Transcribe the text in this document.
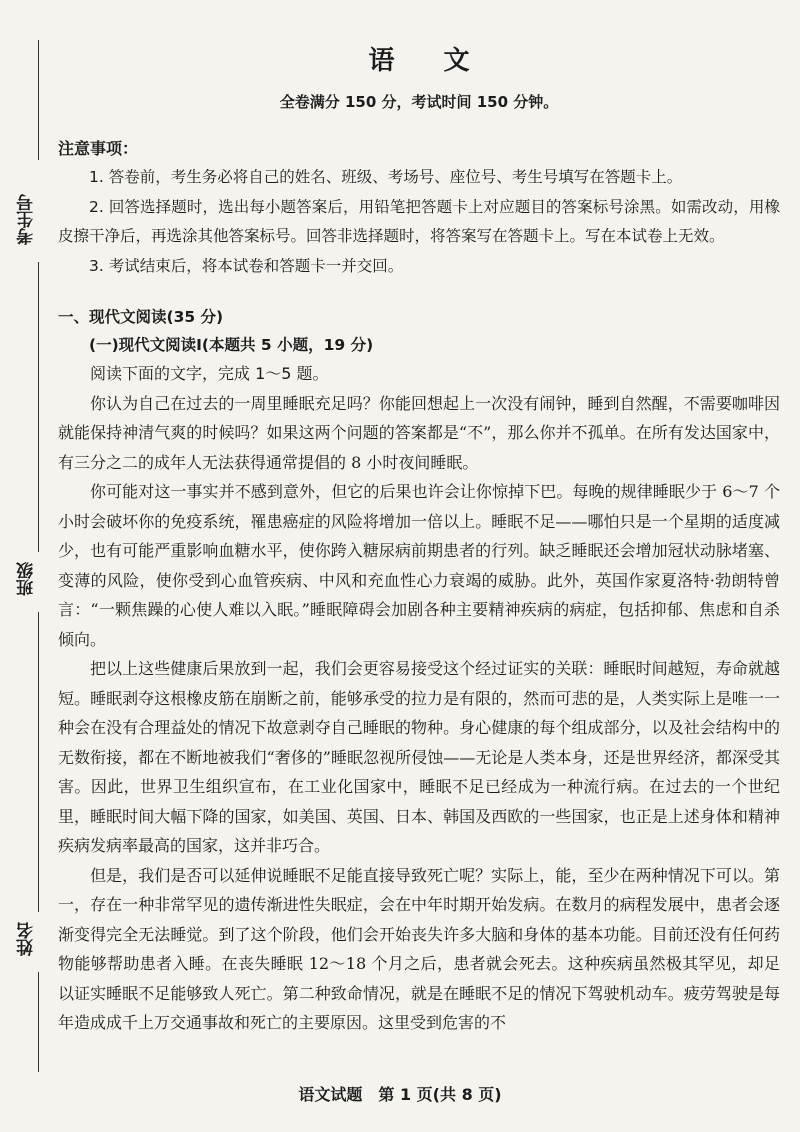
考生号
班级
姓名
语 文
全卷满分 150 分，考试时间 150 分钟。
注意事项：

1. 答卷前，考生务必将自己的姓名、班级、考场号、座位号、考生号填写在答题卡上。

2. 回答选择题时，选出每小题答案后，用铅笔把答题卡上对应题目的答案标号涂黑。如需改动，用橡皮擦干净后，再选涂其他答案标号。回答非选择题时，将答案写在答题卡上。写在本试卷上无效。

3. 考试结束后，将本试卷和答题卡一并交回。

一、现代文阅读(35 分)
(一)现代文阅读Ⅰ(本题共 5 小题，19 分)

阅读下面的文字，完成 1～5 题。

你认为自己在过去的一周里睡眠充足吗？你能回想起上一次没有闹钟，睡到自然醒，不需要咖啡因就能保持神清气爽的时候吗？如果这两个问题的答案都是“不”，那么你并不孤单。在所有发达国家中，有三分之二的成年人无法获得通常提倡的 8 小时夜间睡眠。

你可能对这一事实并不感到意外，但它的后果也许会让你惊掉下巴。每晚的规律睡眠少于 6～7 个小时会破坏你的免疫系统，罹患癌症的风险将增加一倍以上。睡眠不足——哪怕只是一个星期的适度减少，也有可能严重影响血糖水平，使你跨入糖尿病前期患者的行列。缺乏睡眠还会增加冠状动脉堵塞、变薄的风险，使你受到心血管疾病、中风和充血性心力衰竭的威胁。此外，英国作家夏洛特·勃朗特曾言：“一颗焦躁的心使人难以入眠。”睡眠障碍会加剧各种主要精神疾病的病症，包括抑郁、焦虑和自杀倾向。

把以上这些健康后果放到一起，我们会更容易接受这个经过证实的关联：睡眠时间越短，寿命就越短。睡眠剥夺这根橡皮筋在崩断之前，能够承受的拉力是有限的，然而可悲的是，人类实际上是唯一一种会在没有合理益处的情况下故意剥夺自己睡眠的物种。身心健康的每个组成部分，以及社会结构中的无数衔接，都在不断地被我们“奢侈的”睡眠忽视所侵蚀——无论是人类本身，还是世界经济，都深受其害。因此，世界卫生组织宣布，在工业化国家中，睡眠不足已经成为一种流行病。在过去的一个世纪里，睡眠时间大幅下降的国家，如美国、英国、日本、韩国及西欧的一些国家，也正是上述身体和精神疾病发病率最高的国家，这并非巧合。

但是，我们是否可以延伸说睡眠不足能直接导致死亡呢？实际上，能，至少在两种情况下可以。第一，存在一种非常罕见的遗传渐进性失眠症，会在中年时期开始发病。在数月的病程发展中，患者会逐渐变得完全无法睡觉。到了这个阶段，他们会开始丧失许多大脑和身体的基本功能。目前还没有任何药物能够帮助患者入睡。在丧失睡眠 12～18 个月之后，患者就会死去。这种疾病虽然极其罕见，却足以证实睡眠不足能够致人死亡。第二种致命情况，就是在睡眠不足的情况下驾驶机动车。疲劳驾驶是每年造成成千上万交通事故和死亡的主要原因。这里受到危害的不

语文试题　第 1 页(共 8 页)
